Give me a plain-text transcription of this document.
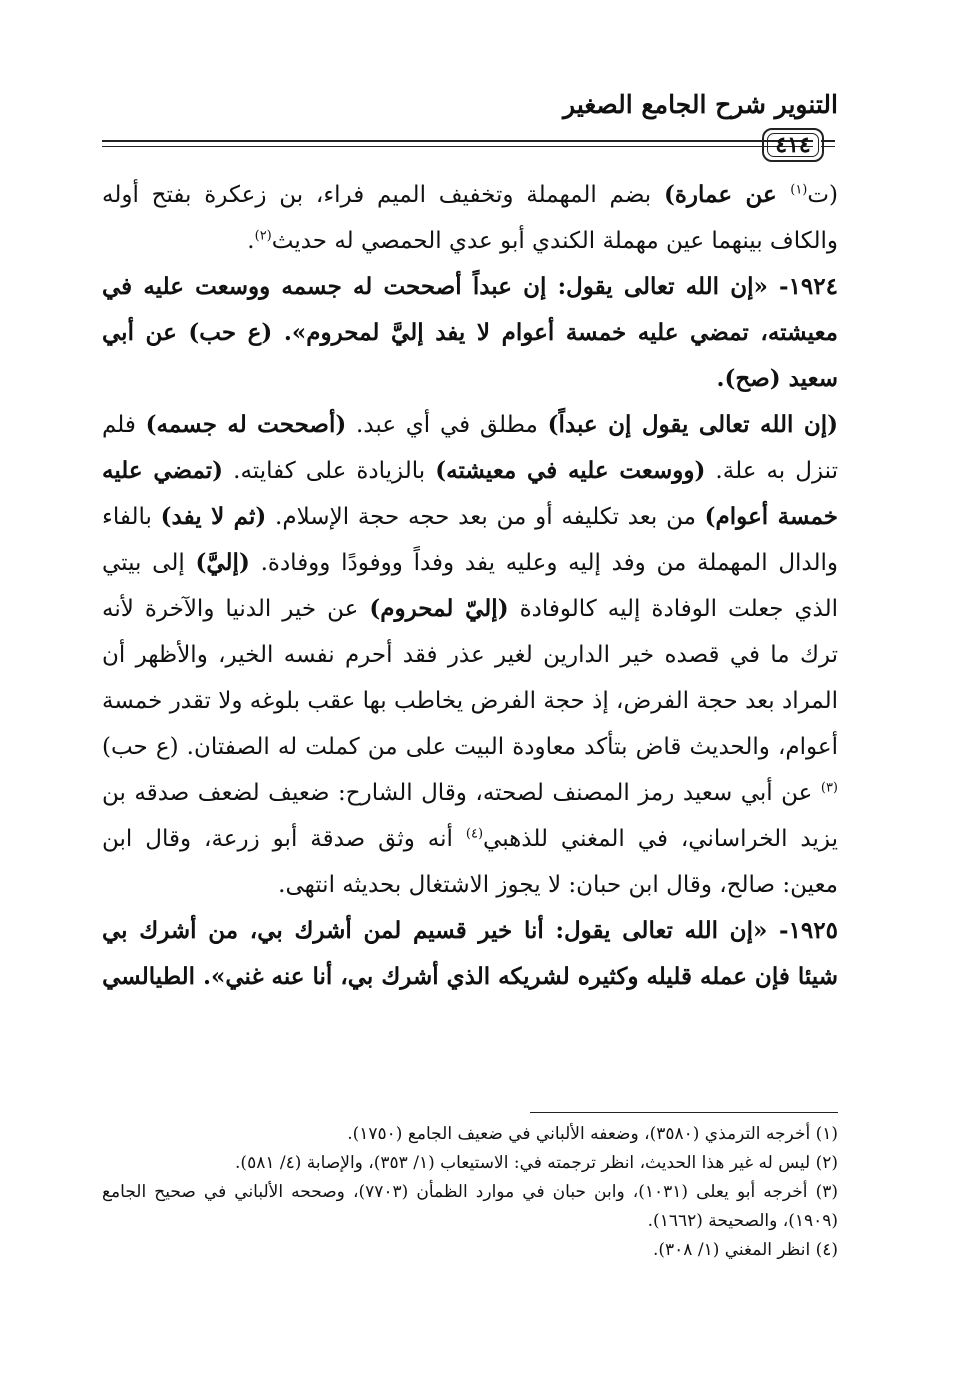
التنوير شرح الجامع الصغير
٤١٤

(ت$^{(١)}$ عن عمارة) بضم المهملة وتخفيف الميم فراء، بن زعكرة بفتح أوله والكاف بينهما عين مهملة الكندي أبو عدي الحمصي له حديث$^{(٢)}$.

١٩٢٤- «إن الله تعالى يقول: إن عبداً أصححت له جسمه ووسعت عليه في معيشته، تمضي عليه خمسة أعوام لا يفد إليَّ لمحروم». (ع حب) عن أبي سعيد (صح).

(إن الله تعالى يقول إن عبداً) مطلق في أي عبد. (أصححت له جسمه) فلم تنزل به علة. (ووسعت عليه في معيشته) بالزيادة على كفايته. (تمضي عليه خمسة أعوام) من بعد تكليفه أو من بعد حجه حجة الإسلام. (ثم لا يفد) بالفاء والدال المهملة من وفد إليه وعليه يفد وفداً ووفودًا ووفادة. (إليَّ) إلى بيتي الذي جعلت الوفادة إليه كالوفادة (إليّ لمحروم) عن خير الدنيا والآخرة لأنه ترك ما في قصده خير الدارين لغير عذر فقد أحرم نفسه الخير، والأظهر أن المراد بعد حجة الفرض، إذ حجة الفرض يخاطب بها عقب بلوغه ولا تقدر خمسة أعوام، والحديث قاض بتأكد معاودة البيت على من كملت له الصفتان. (ع حب)$^{(٣)}$ عن أبي سعيد رمز المصنف لصحته، وقال الشارح: ضعيف لضعف صدقه بن يزيد الخراساني، في المغني للذهبي$^{(٤)}$ أنه وثق صدقة أبو زرعة، وقال ابن معين: صالح، وقال ابن حبان: لا يجوز الاشتغال بحديثه انتهى.

١٩٢٥- «إن الله تعالى يقول: أنا خير قسيم لمن أشرك بي، من أشرك بي شيئا فإن عمله قليله وكثيره لشريكه الذي أشرك بي، أنا عنه غني». الطيالسي

(١) أخرجه الترمذي (٣٥٨٠)، وضعفه الألباني في ضعيف الجامع (١٧٥٠).

(٢) ليس له غير هذا الحديث، انظر ترجمته في: الاستيعاب (١/ ٣٥٣)، والإصابة (٤/ ٥٨١).

(٣) أخرجه أبو يعلى (١٠٣١)، وابن حبان في موارد الظمأن (٧٧٠٣)، وصححه الألباني في صحيح الجامع (١٩٠٩)، والصحيحة (١٦٦٢).

(٤) انظر المغني (١/ ٣٠٨).
